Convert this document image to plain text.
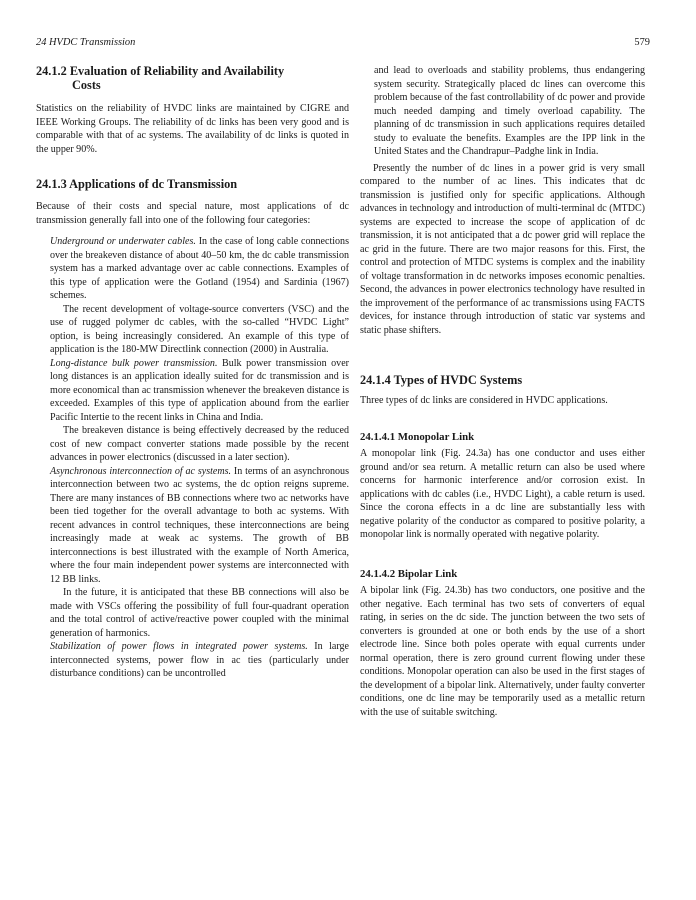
24 HVDC Transmission	579
24.1.2 Evaluation of Reliability and Availability
Costs

Statistics on the reliability of HVDC links are maintained by CIGRE and IEEE Working Groups. The reliability of dc links has been very good and is comparable with that of ac systems. The availability of dc links is quoted in the upper 90%.

24.1.3 Applications of dc Transmission

Because of their costs and special nature, most applications of dc transmission generally fall into one of the following four categories:

Underground or underwater cables. In the case of long cable connections over the breakeven distance of about 40–50 km, the dc cable transmission system has a marked advantage over ac cable connections. Examples of this type of application were the Gotland (1954) and Sardinia (1967) schemes.

The recent development of voltage-source converters (VSC) and the use of rugged polymer dc cables, with the so-called “HVDC Light” option, is being increasingly considered. An example of this type of application is the 180-MW Directlink connection (2000) in Australia.

Long-distance bulk power transmission. Bulk power transmission over long distances is an application ideally suited for dc transmission and is more economical than ac transmission whenever the breakeven distance is exceeded. Examples of this type of application abound from the earlier Pacific Intertie to the recent links in China and India.

The breakeven distance is being effectively decreased by the reduced cost of new compact converter stations made possible by the recent advances in power electronics (discussed in a later section).

Asynchronous interconnection of ac systems. In terms of an asynchronous interconnection between two ac systems, the dc option reigns supreme. There are many instances of BB connections where two ac networks have been tied together for the overall advantage to both ac systems. With recent advances in control techniques, these interconnections are being increasingly made at weak ac systems. The growth of BB interconnections is best illustrated with the example of North America, where the four main independent power systems are interconnected with 12 BB links.

In the future, it is anticipated that these BB connections will also be made with VSCs offering the possibility of full four-quadrant operation and the total control of active/reactive power coupled with the minimal generation of harmonics.

Stabilization of power flows in integrated power systems. In large interconnected systems, power flow in ac ties (particularly under disturbance conditions) can be uncontrolled

and lead to overloads and stability problems, thus endangering system security. Strategically placed dc lines can overcome this problem because of the fast controllability of dc power and provide much needed damping and timely overload capability. The planning of dc transmission in such applications requires detailed study to evaluate the benefits. Examples are the IPP link in the United States and the Chandrapur–Padghe link in India.

Presently the number of dc lines in a power grid is very small compared to the number of ac lines. This indicates that dc transmission is justified only for specific applications. Although advances in technology and introduction of multi-terminal dc (MTDC) systems are expected to increase the scope of application of dc transmission, it is not anticipated that a dc power grid will replace the ac grid in the future. There are two major reasons for this. First, the control and protection of MTDC systems is complex and the inability of voltage transformation in dc networks imposes economic penalties. Second, the advances in power electronics technology have resulted in the improvement of the performance of ac transmissions using FACTS devices, for instance through introduction of static var systems and static phase shifters.

24.1.4 Types of HVDC Systems

Three types of dc links are considered in HVDC applications.

24.1.4.1 Monopolar Link

A monopolar link (Fig. 24.3a) has one conductor and uses either ground and/or sea return. A metallic return can also be used where concerns for harmonic interference and/or corrosion exist. In applications with dc cables (i.e., HVDC Light), a cable return is used. Since the corona effects in a dc line are substantially less with negative polarity of the conductor as compared to positive polarity, a monopolar link is normally operated with negative polarity.

24.1.4.2 Bipolar Link

A bipolar link (Fig. 24.3b) has two conductors, one positive and the other negative. Each terminal has two sets of converters of equal rating, in series on the dc side. The junction between the two sets of converters is grounded at one or both ends by the use of a short electrode line. Since both poles operate with equal currents under normal operation, there is zero ground current flowing under these conditions. Monopolar operation can also be used in the first stages of the development of a bipolar link. Alternatively, under faulty converter conditions, one dc line may be temporarily used as a metallic return with the use of suitable switching.
